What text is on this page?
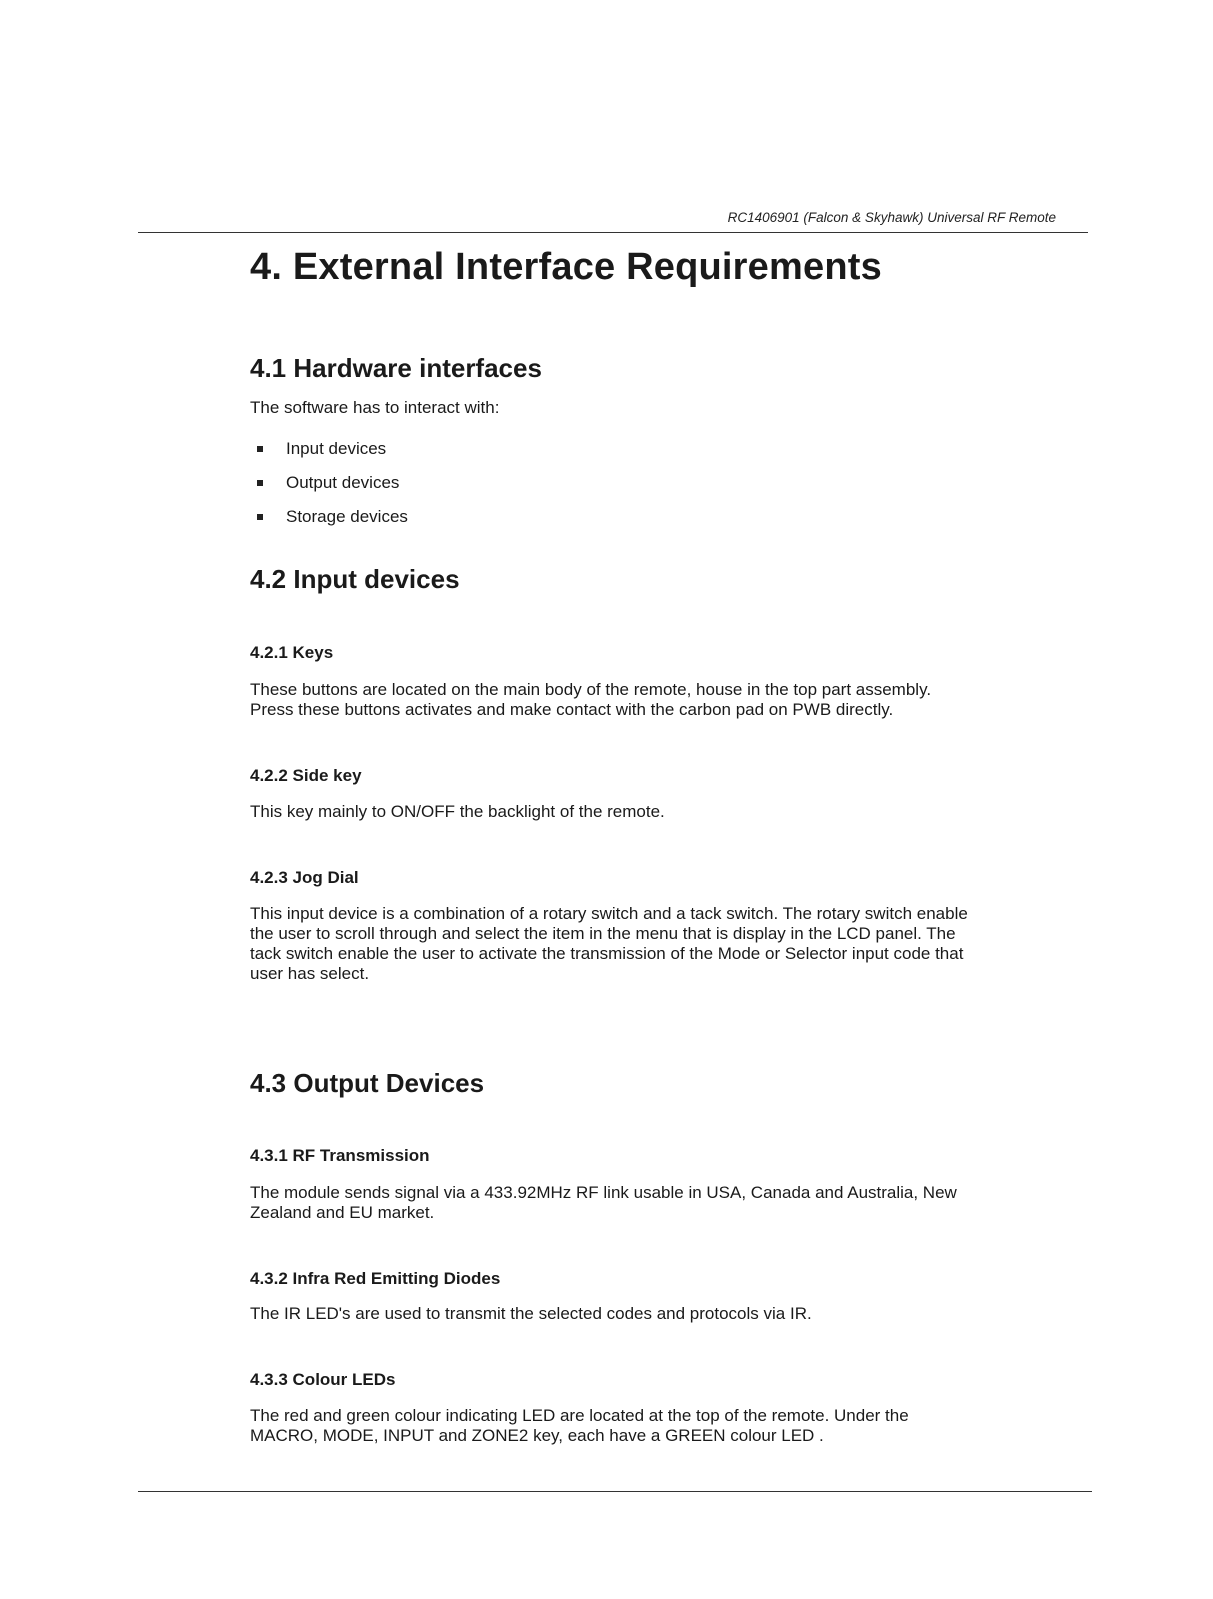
RC1406901 (Falcon & Skyhawk) Universal RF Remote
4. External Interface Requirements
4.1 Hardware interfaces

The software has to interact with:

Input devices
Output devices
Storage devices
4.2 Input devices
4.2.1 Keys
These buttons are located on the main body of the remote, house in the top part assembly.
Press these buttons activates and make contact with the carbon pad on PWB directly.
4.2.2 Side key
This key mainly to ON/OFF the backlight of the remote.
4.2.3 Jog Dial
This input device is a combination of a rotary switch and a tack switch. The rotary switch enable
the user to scroll through and select the item in the menu that is display in the LCD panel. The
tack switch enable the user to activate the transmission of the Mode or Selector input code that
user has select.
4.3 Output Devices
4.3.1 RF Transmission
The module sends signal via a 433.92MHz RF link usable in USA, Canada and Australia, New
Zealand and EU market.
4.3.2 Infra Red Emitting Diodes
The IR LED's are used to transmit the selected codes and protocols via IR.
4.3.3 Colour LEDs
The red and green colour indicating LED are located at the top of the remote. Under the
MACRO, MODE, INPUT and ZONE2 key, each have a GREEN colour LED .
